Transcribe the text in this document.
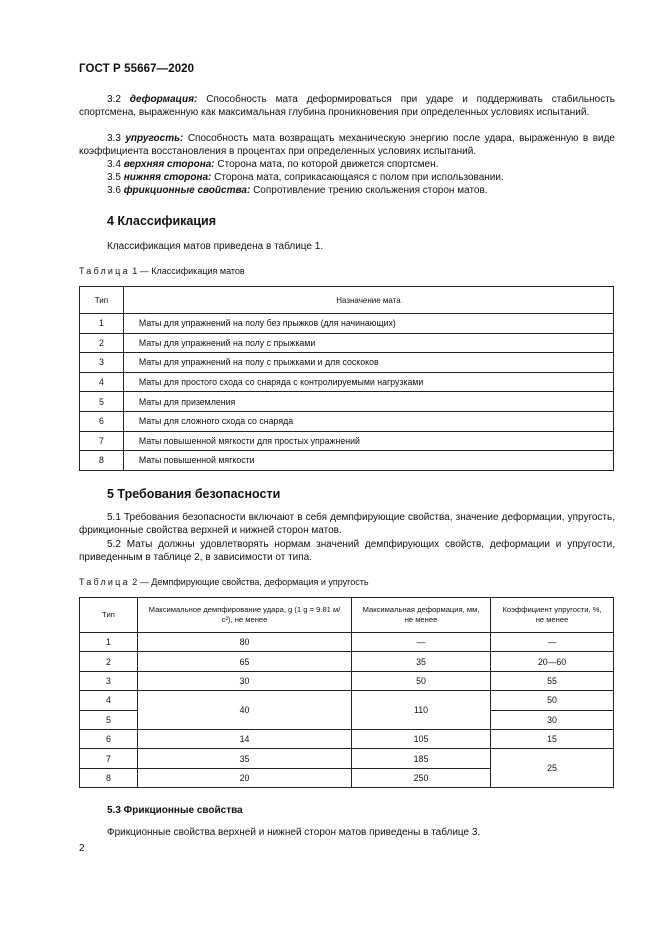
ГОСТ Р 55667—2020
3.2 деформация: Способность мата деформироваться при ударе и поддерживать стабильность спортсмена, выраженную как максимальная глубина проникновения при определенных условиях испытаний.
3.3 упругость: Способность мата возвращать механическую энергию после удара, выраженную в виде коэффициента восстановления в процентах при определенных условиях испытаний.
3.4 верхняя сторона: Сторона мата, по которой движется спортсмен.
3.5 нижняя сторона: Сторона мата, соприкасающаяся с полом при использовании.
3.6 фрикционные свойства: Сопротивление трению скольжения сторон матов.
4 Классификация
Классификация матов приведена в таблице 1.
Таблица 1 — Классификация матов
Тип	Назначение мата
1	Маты для упражнений на полу без прыжков (для начинающих)
2	Маты для упражнений на полу с прыжками
3	Маты для упражнений на полу с прыжками и для соскоков
4	Маты для простого схода со снаряда с контролируемыми нагрузками
5	Маты для приземления
6	Маты для сложного схода со снаряда
7	Маты повышенной мягкости для простых упражнений
8	Маты повышенной мягкости
5 Требования безопасности
5.1 Требования безопасности включают в себя демпфирующие свойства, значение деформации, упругость, фрикционные свойства верхней и нижней сторон матов.
5.2 Маты должны удовлетворять нормам значений демпфирующих свойств, деформации и упругости, приведенным в таблице 2, в зависимости от типа.
Таблица 2 — Демпфирующие свойства, деформация и упругость
Тип	Максимальное демпфирование удара, g (1 g = 9.81 м/с²), не менее	Максимальная деформация, мм, не менее	Коэффициент упругости, %, не менее
1	80	—	—
2	65	35	20—60
3	30	50	55
4	40	110	50
5			30
6	14	105	15
7	35	185	25
8	20	250	
5.3 Фрикционные свойства
Фрикционные свойства верхней и нижней сторон матов приведены в таблице 3.
2
